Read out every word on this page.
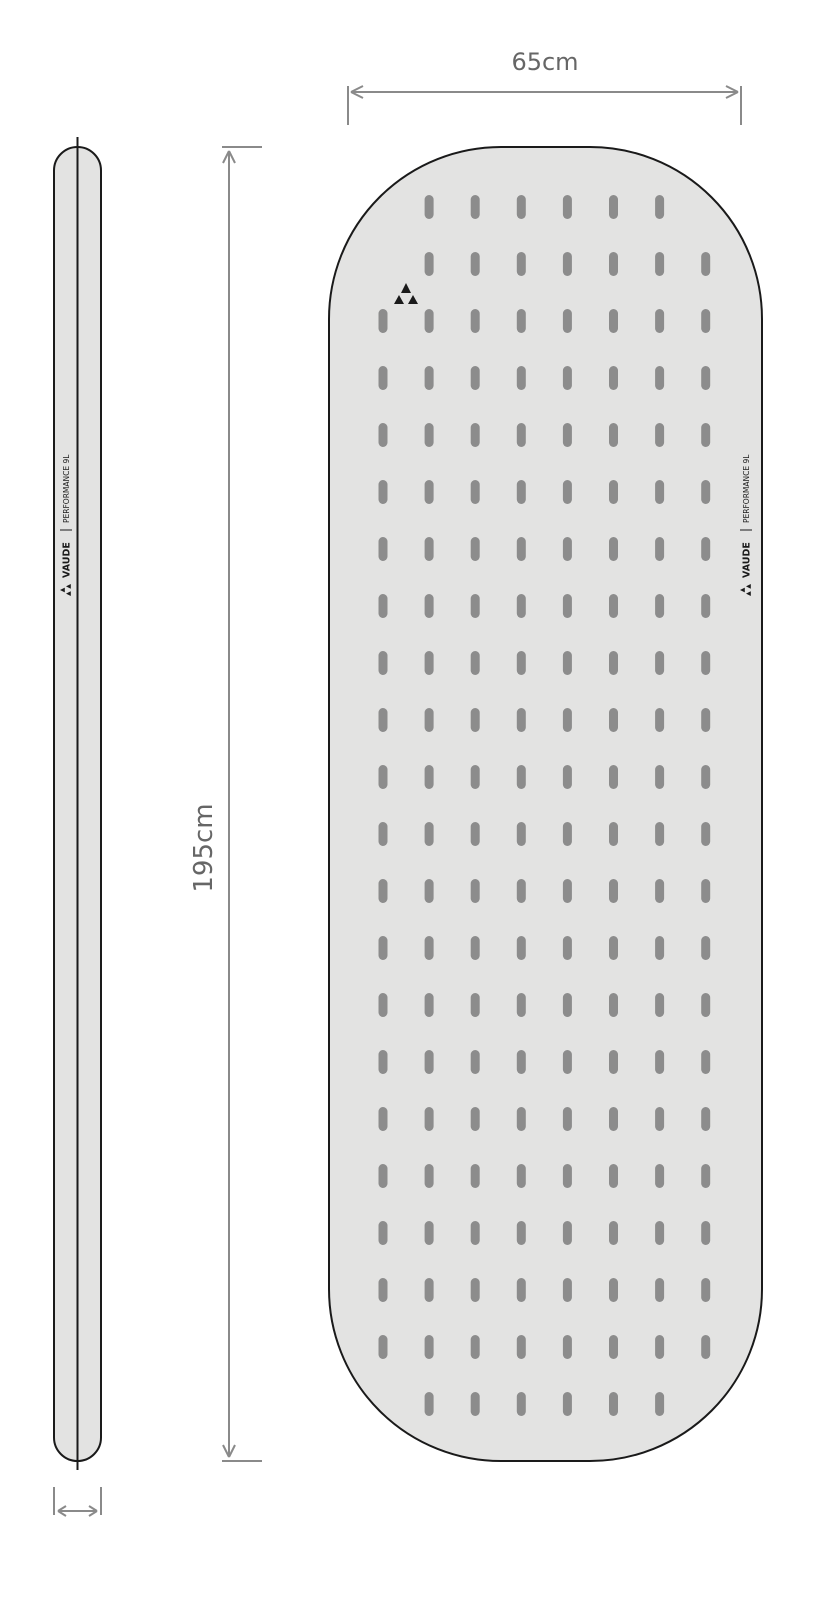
VAUDE
PERFORMANCE 9L
195cm
65cm
VAUDE
PERFORMANCE 9L
